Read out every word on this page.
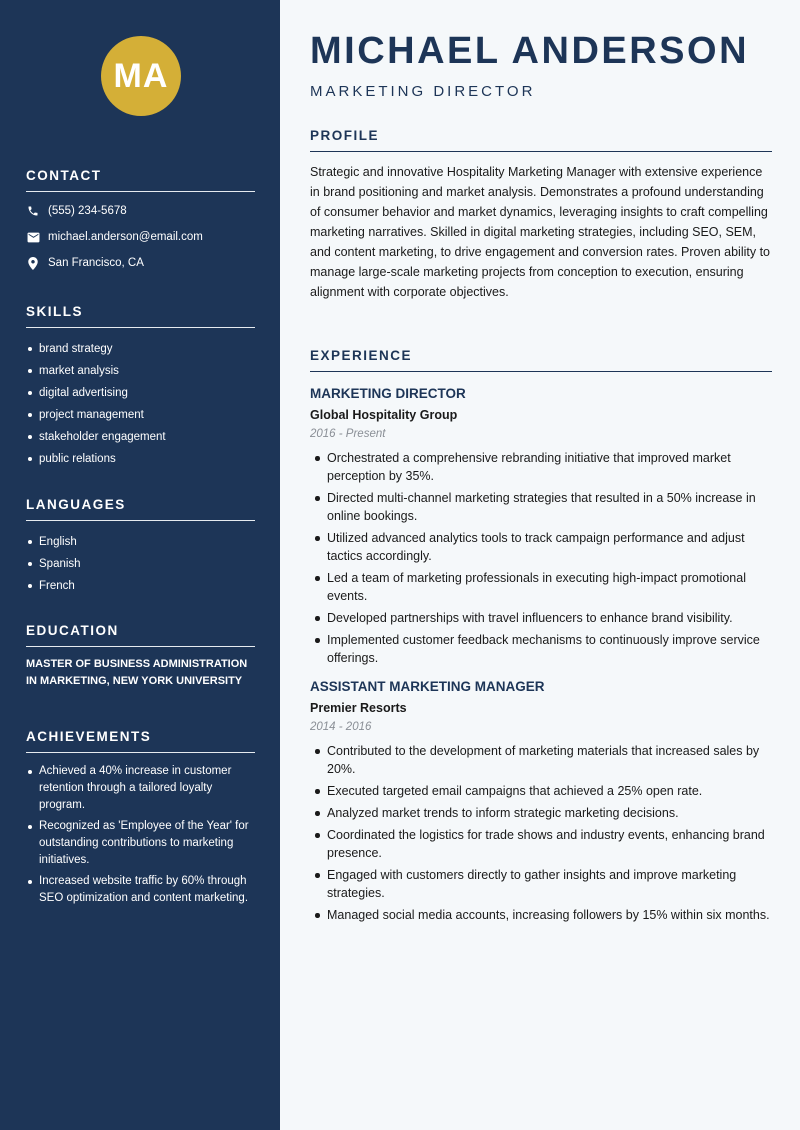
MA
CONTACT
(555) 234-5678
michael.anderson@email.com
San Francisco, CA
SKILLS
brand strategy
market analysis
digital advertising
project management
stakeholder engagement
public relations
LANGUAGES
English
Spanish
French
EDUCATION

MASTER OF BUSINESS ADMINISTRATION IN MARKETING, NEW YORK UNIVERSITY

ACHIEVEMENTS
Achieved a 40% increase in customer retention through a tailored loyalty program.
Recognized as 'Employee of the Year' for outstanding contributions to marketing initiatives.
Increased website traffic by 60% through SEO optimization and content marketing.
MICHAEL ANDERSON
MARKETING DIRECTOR
PROFILE

Strategic and innovative Hospitality Marketing Manager with extensive experience in brand positioning and market analysis. Demonstrates a profound understanding of consumer behavior and market dynamics, leveraging insights to craft compelling marketing narratives. Skilled in digital marketing strategies, including SEO, SEM, and content marketing, to drive engagement and conversion rates. Proven ability to manage large-scale marketing projects from conception to execution, ensuring alignment with corporate objectives.

EXPERIENCE
MARKETING DIRECTOR
Global Hospitality Group
2016 - Present
Orchestrated a comprehensive rebranding initiative that improved market perception by 35%.
Directed multi-channel marketing strategies that resulted in a 50% increase in online bookings.
Utilized advanced analytics tools to track campaign performance and adjust tactics accordingly.
Led a team of marketing professionals in executing high-impact promotional events.
Developed partnerships with travel influencers to enhance brand visibility.
Implemented customer feedback mechanisms to continuously improve service offerings.
ASSISTANT MARKETING MANAGER
Premier Resorts
2014 - 2016
Contributed to the development of marketing materials that increased sales by 20%.
Executed targeted email campaigns that achieved a 25% open rate.
Analyzed market trends to inform strategic marketing decisions.
Coordinated the logistics for trade shows and industry events, enhancing brand presence.
Engaged with customers directly to gather insights and improve marketing strategies.
Managed social media accounts, increasing followers by 15% within six months.
